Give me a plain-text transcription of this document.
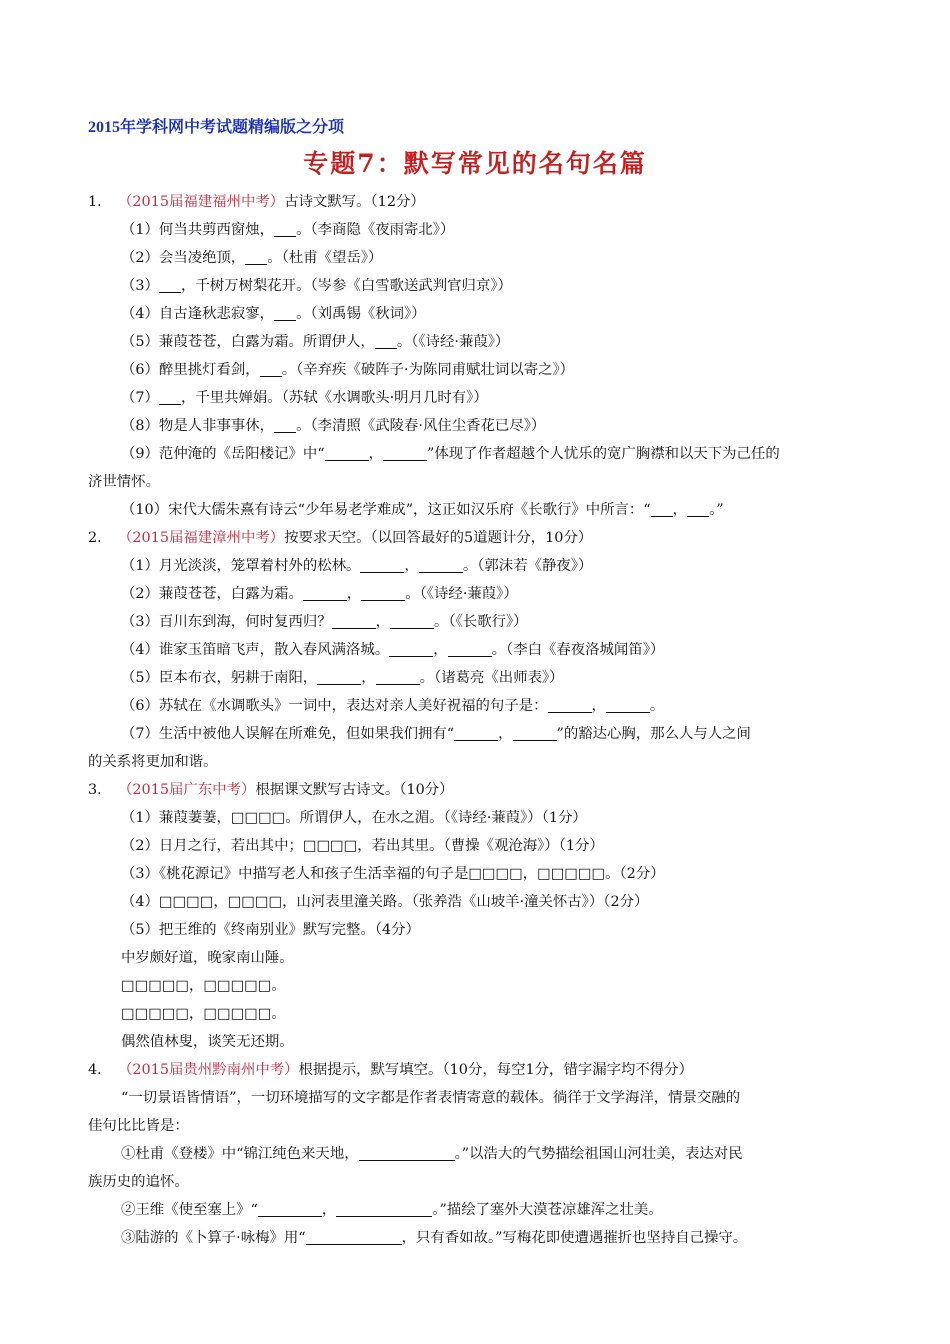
2015年学科网中考试题精编版之分项
专题7：默写常见的名句名篇
1． （2015届福建福州中考）古诗文默写。（12分）
（1）何当共剪西窗烛， 。（李商隐《夜雨寄北》）
（2）会当凌绝顶， 。（杜甫《望岳》）
（3） ，千树万树梨花开。（岑参《白雪歌送武判官归京》）
（4）自古逢秋悲寂寥， 。（刘禹锡《秋词》）
（5）蒹葭苍苍，白露为霜。所谓伊人， 。（《诗经·蒹葭》）
（6）醉里挑灯看剑， 。（辛弃疾《破阵子·为陈同甫赋壮词以寄之》）
（7） ，千里共婵娟。（苏轼《水调歌头·明月几时有》）
（8）物是人非事事休， 。（李清照《武陵春·风住尘香花已尽》）
（9）范仲淹的《岳阳楼记》中“	，	”体现了作者超越个人忧乐的宽广胸襟和以天下为己任的
济世情怀。
（10）宋代大儒朱熹有诗云“少年易老学难成”，这正如汉乐府《长歌行》中所言：“ ， 。”
2． （2015届福建漳州中考）按要求天空。（以回答最好的5道题计分，10分）
（1）月光淡淡，笼罩着村外的松林。	，	。（郭沫若《静夜》）
（2）蒹葭苍苍，白露为霜。	，	。（《诗经·蒹葭》）
（3）百川东到海，何时复西归？	，	。（《长歌行》）
（4）谁家玉笛暗飞声，散入春风满洛城。	，	。（李白《春夜洛城闻笛》）
（5）臣本布衣，躬耕于南阳，	，	。（诸葛亮《出师表》）
（6）苏轼在《水调歌头》一词中，表达对亲人美好祝福的句子是：	，	。
（7）生活中被他人误解在所难免，但如果我们拥有“	，	”的豁达心胸，那么人与人之间
的关系将更加和谐。
3． （2015届广东中考）根据课文默写古诗文。（10分）
（1）蒹葭萋萋，□□□□。所谓伊人，在水之湄。（《诗经·蒹葭》）（1分）
（2）日月之行，若出其中；□□□□，若出其里。（曹操《观沧海》）（1分）
（3）《桃花源记》中描写老人和孩子生活幸福的句子是□□□□，□□□□□。（2分）
（4）□□□□，□□□□，山河表里潼关路。（张养浩《山坡羊·潼关怀古》）（2分）
（5）把王维的《终南别业》默写完整。（4分）
中岁颇好道，晚家南山陲。
□□□□□，□□□□□。
□□□□□，□□□□□。
偶然值林叟，谈笑无还期。
4． （2015届贵州黔南州中考）根据提示，默写填空。（10分，每空1分，错字漏字均不得分）
“一切景语皆情语”，一切环境描写的文字都是作者表情寄意的载体。徜徉于文学海洋，情景交融的
佳句比比皆是：
①杜甫《登楼》中“锦江纯色来天地，	。”以浩大的气势描绘祖国山河壮美，表达对民
族历史的追怀。
②王维《使至塞上》“	，	。”描绘了塞外大漠苍凉雄浑之壮美。
③陆游的《卜算子·咏梅》用“	，只有香如故。”写梅花即使遭遇摧折也坚持自己操守。
